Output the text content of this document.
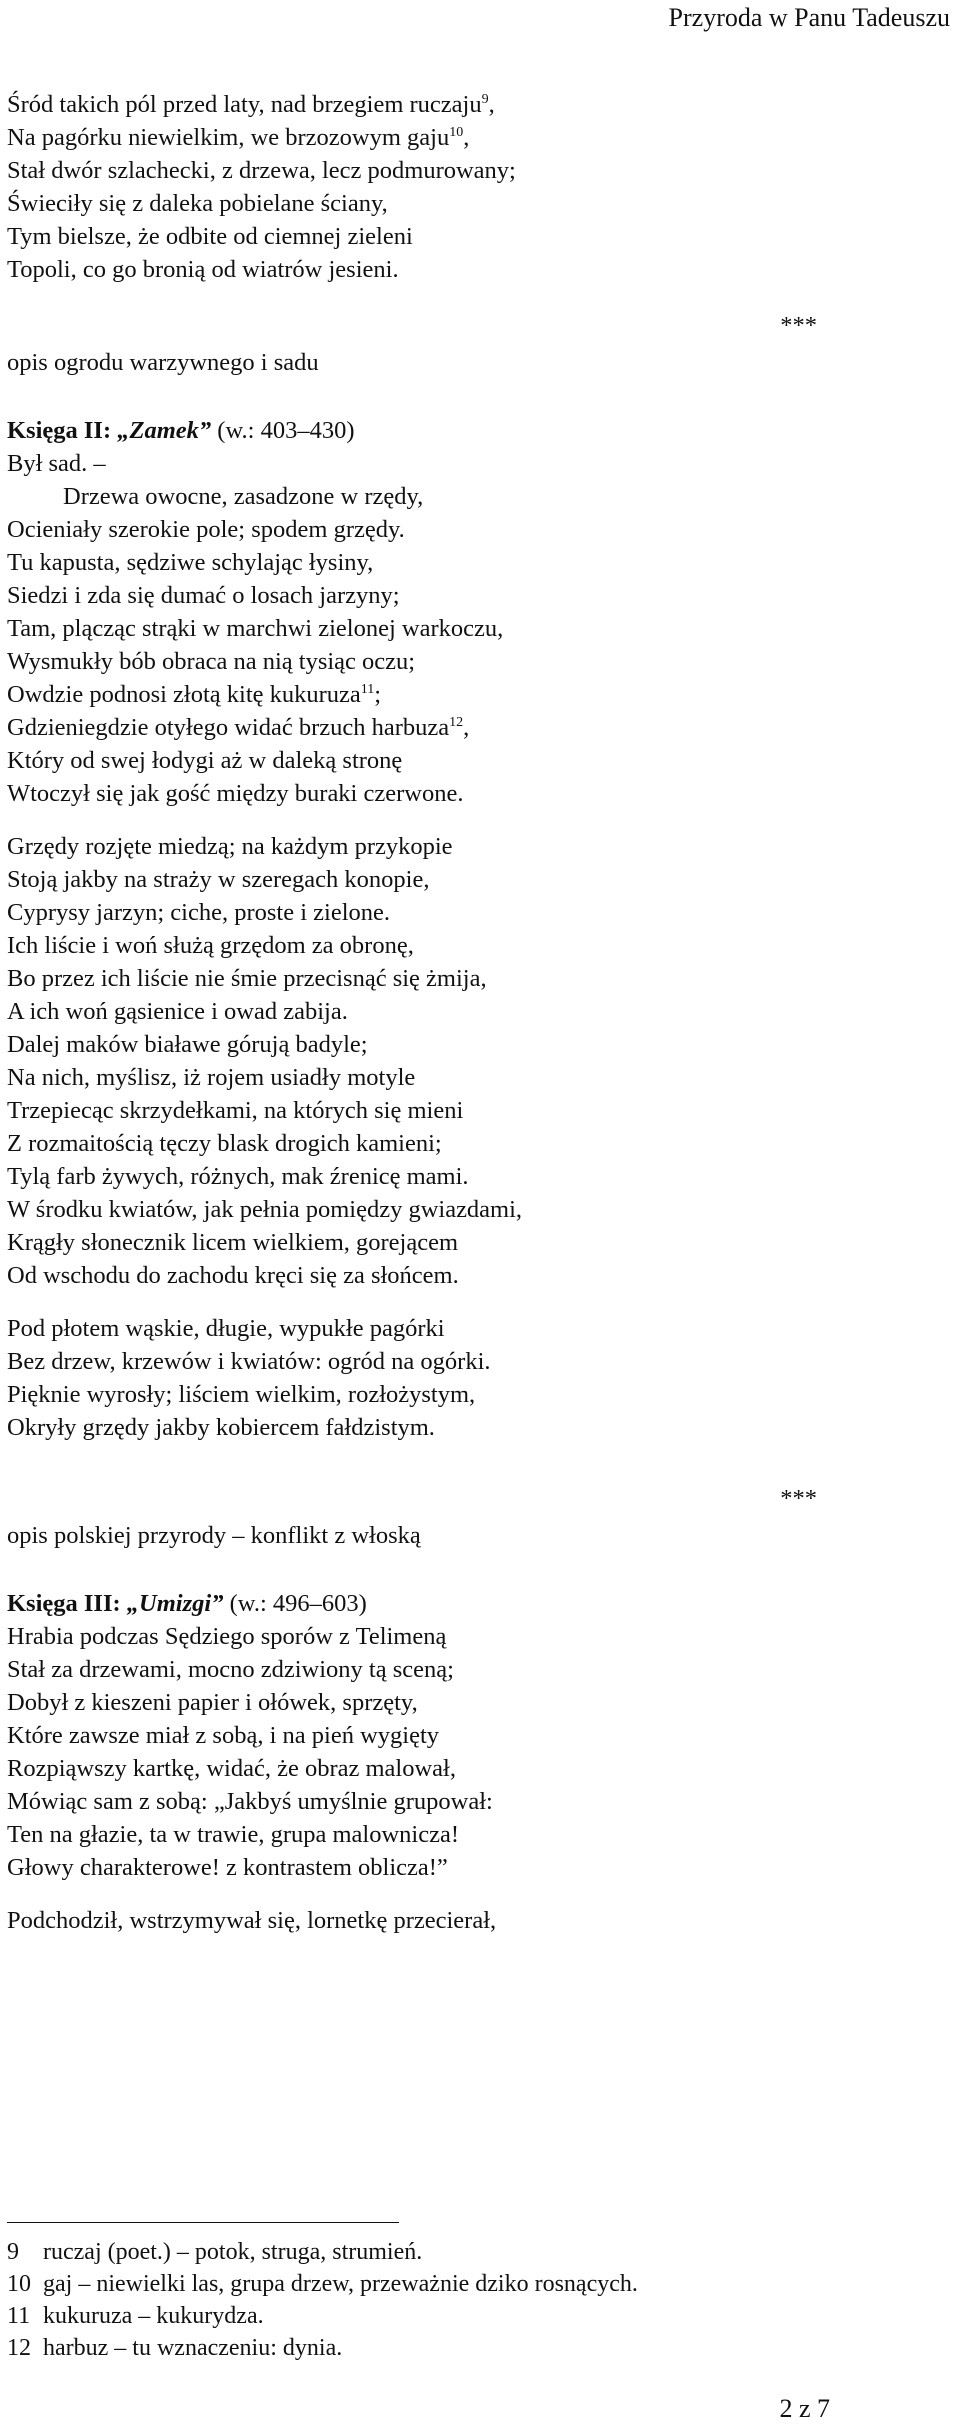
Przyroda w Panu Tadeuszu
Śród takich pól przed laty, nad brzegiem ruczaju$^9$,
Na pagórku niewielkim, we brzozowym gaju$^{10}$,
Stał dwór szlachecki, z drzewa, lecz podmurowany;
Świeciły się z daleka pobielane ściany,
Tym bielsze, że odbite od ciemnej zieleni
Topoli, co go bronią od wiatrów jesieni.
***
opis ogrodu warzywnego i sadu
Księga II: „Zamek” (w.: 403–430)
Był sad. –
Drzewa owocne, zasadzone w rzędy,
Ocieniały szerokie pole; spodem grzędy.
Tu kapusta, sędziwe schylając łysiny,
Siedzi i zda się dumać o losach jarzyny;
Tam, plącząc strąki w marchwi zielonej warkoczu,
Wysmukły bób obraca na nią tysiąc oczu;
Owdzie podnosi złotą kitę kukuruza$^{11}$;
Gdzieniegdzie otyłego widać brzuch harbuza$^{12}$,
Który od swej łodygi aż w daleką stronę
Wtoczył się jak gość między buraki czerwone.
Grzędy rozjęte miedzą; na każdym przykopie
Stoją jakby na straży w szeregach konopie,
Cyprysy jarzyn; ciche, proste i zielone.
Ich liście i woń służą grzędom za obronę,
Bo przez ich liście nie śmie przecisnąć się żmija,
A ich woń gąsienice i owad zabija.
Dalej maków białawe górują badyle;
Na nich, myślisz, iż rojem usiadły motyle
Trzepiecąc skrzydełkami, na których się mieni
Z rozmaitością tęczy blask drogich kamieni;
Tylą farb żywych, różnych, mak źrenicę mami.
W środku kwiatów, jak pełnia pomiędzy gwiazdami,
Krągły słonecznik licem wielkiem, gorejącem
Od wschodu do zachodu kręci się za słońcem.
Pod płotem wąskie, długie, wypukłe pagórki
Bez drzew, krzewów i kwiatów: ogród na ogórki.
Pięknie wyrosły; liściem wielkim, rozłożystym,
Okryły grzędy jakby kobiercem fałdzistym.
***
opis polskiej przyrody – konflikt z włoską
Księga III: „Umizgi” (w.: 496–603)
Hrabia podczas Sędziego sporów z Telimeną
Stał za drzewami, mocno zdziwiony tą sceną;
Dobył z kieszeni papier i ołówek, sprzęty,
Które zawsze miał z sobą, i na pień wygięty
Rozpiąwszy kartkę, widać, że obraz malował,
Mówiąc sam z sobą: „Jakbyś umyślnie grupował:
Ten na głazie, ta w trawie, grupa malownicza!
Głowy charakterowe! z kontrastem oblicza!”
Podchodził, wstrzymywał się, lornetkę przecierał,
9 ruczaj (poet.) – potok, struga, strumień.
10 gaj – niewielki las, grupa drzew, przeważnie dziko rosnących.
11 kukuruza – kukurydza.
12 harbuz – tu wznaczeniu: dynia.
2 z 7
